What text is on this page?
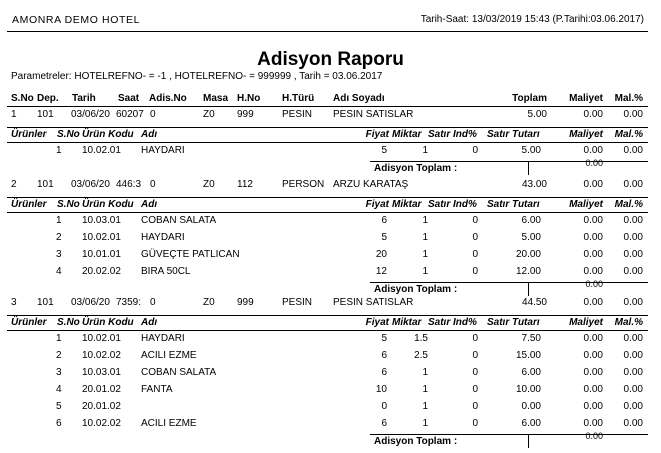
AMONRA DEMO HOTEL	Tarih-Saat: 13/03/2019 15:43 (P.Tarihi:03.06.2017)
Adisyon Raporu
Parametreler: HOTELREFNO- = -1 , HOTELREFNO- = 999999 , Tarih = 03.06.2017
S.No Dep. Tarih Saat Adis.No Masa H.No H.Türü Adı Soyadı	Toplam Maliyet Mal.%
1 101 03/06/20 60207 0	Z0 999	PESIN PESIN SATISLAR	5.00	0.00 0.00
Ürünler S.No Ürün Kodu Adı	Fiyat Miktar Satır Ind% Satır Tutarı	Maliyet Mal.%
1 10.02.01 HAYDARI	5	1	0	5.00	0.00 0.00
Adisyon Toplam :	0.00
2 101 03/06/20 446:3 0	Z0 112	PERSON ARZU KARATAŞ	43.00	0.00 0.00
Ürünler S.No Ürün Kodu Adı	Fiyat Miktar Satır Ind% Satır Tutarı	Maliyet Mal.%
1 10.03.01 COBAN SALATA	6	1	0	6.00	0.00 0.00
2 10.02.01 HAYDARI	5	1	0	5.00	0.00 0.00
3 10.01.01 GÜVEÇTE PATLICAN	20	1	0	20.00	0.00 0.00
4 20.02.02 BIRA 50CL	12	1	0	12.00	0.00 0.00
Adisyon Toplam :	0.00
3 101 03/06/20 7359: 0	Z0 999	PESIN PESIN SATISLAR	44.50	0.00 0.00
Ürünler S.No Ürün Kodu Adı	Fiyat Miktar Satır Ind% Satır Tutarı	Maliyet Mal.%
1 10.02.01 HAYDARI	5	1.5	0	7.50	0.00 0.00
2 10.02.02 ACILI EZME	6	2.5	0	15.00	0.00 0.00
3 10.03.01 COBAN SALATA	6	1	0	6.00	0.00 0.00
4 20.01.02 FANTA	10	1	0	10.00	0.00 0.00
5 20.01.02	0	1	0	0.00	0.00 0.00
6 10.02.02 ACILI EZME	6	1	0	6.00	0.00 0.00
Adisyon Toplam :	0.00
